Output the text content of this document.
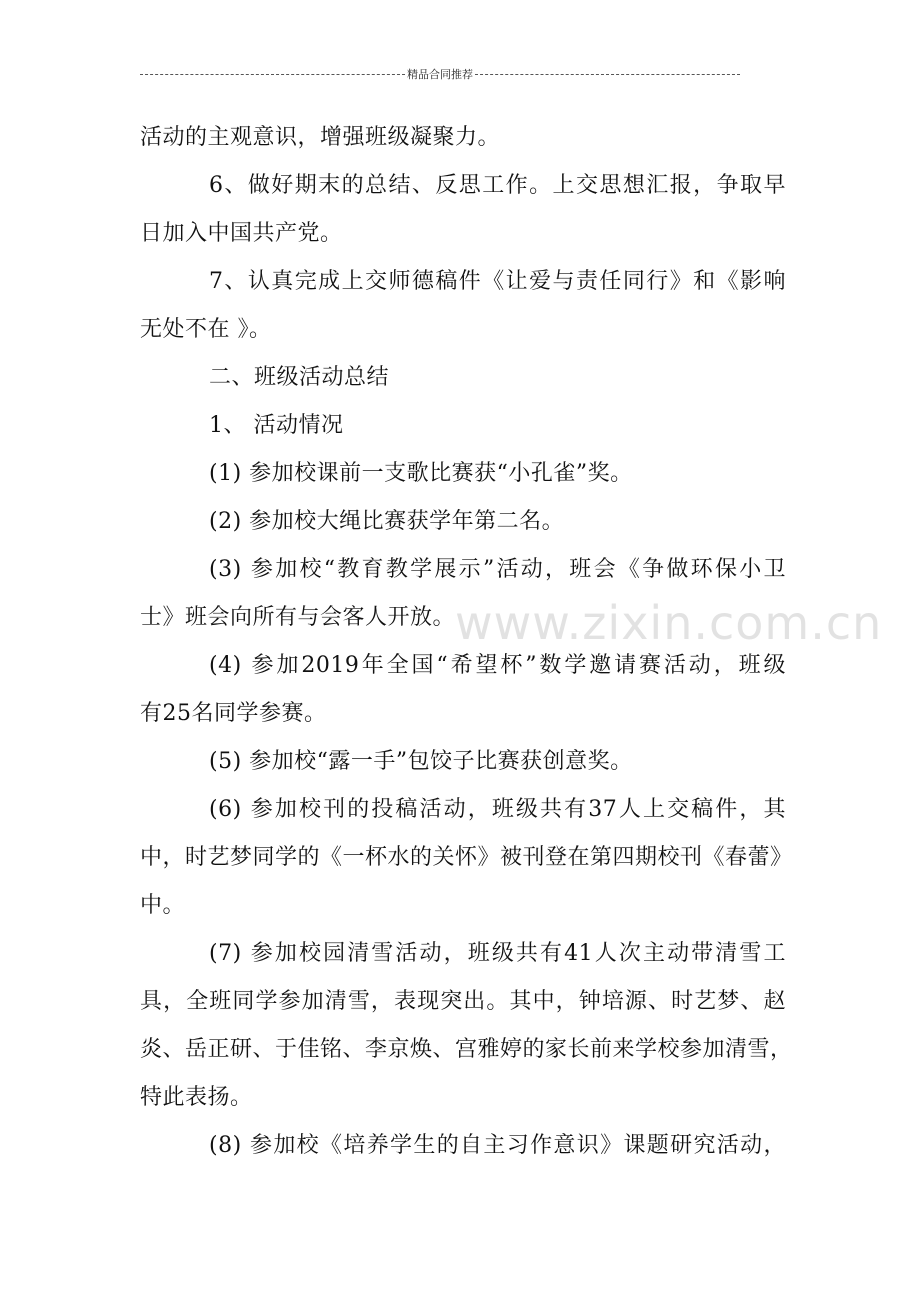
精品合同推荐
www.zixin.com.cn
活动的主观意识，增强班级凝聚力。
6、做好期末的总结、反思工作。上交思想汇报，争取早
日加入中国共产党。
7、认真完成上交师德稿件《让爱与责任同行》和《影响
无处不在 》。
二、班级活动总结
1、 活动情况
(1) 参加校课前一支歌比赛获“小孔雀”奖。
(2) 参加校大绳比赛获学年第二名。
(3) 参加校“教育教学展示”活动，班会《争做环保小卫
士》班会向所有与会客人开放。
(4) 参加2019年全国“希望杯”数学邀请赛活动，班级
有25名同学参赛。
(5) 参加校“露一手”包饺子比赛获创意奖。
(6) 参加校刊的投稿活动，班级共有37人上交稿件，其
中，时艺梦同学的《一杯水的关怀》被刊登在第四期校刊《春蕾》
中。
(7) 参加校园清雪活动，班级共有41人次主动带清雪工
具，全班同学参加清雪，表现突出。其中，钟培源、时艺梦、赵
炎、岳正研、于佳铭、李京焕、宫雅婷的家长前来学校参加清雪，
特此表扬。
(8) 参加校《培养学生的自主习作意识》课题研究活动，
